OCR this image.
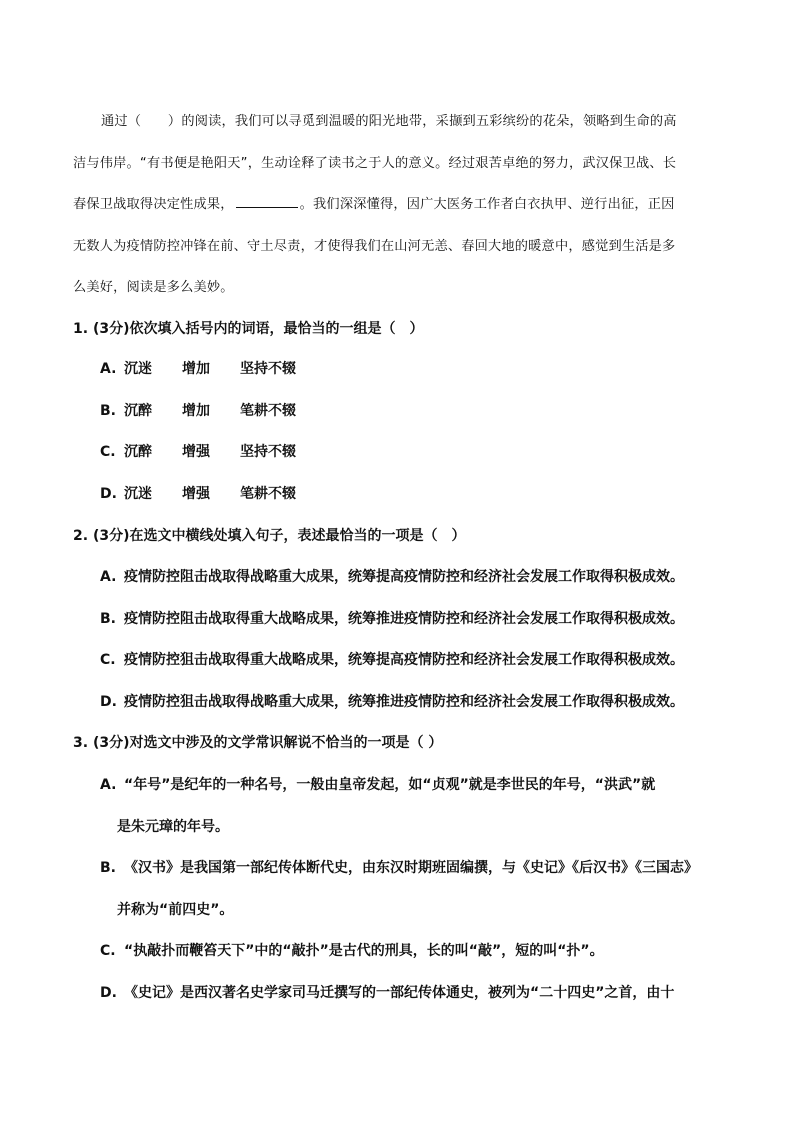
通过（　　）的阅读，我们可以寻觅到温暖的阳光地带，采撷到五彩缤纷的花朵，领略到生命的高洁与伟岸。“有书便是艳阳天”，生动诠释了读书之于人的意义。经过艰苦卓绝的努力，武汉保卫战、长春保卫战取得决定性成果，	。我们深深懂得，因广大医务工作者白衣执甲、逆行出征，正因无数人为疫情防控冲锋在前、守土尽责，才使得我们在山河无恙、春回大地的暖意中，感觉到生活是多么美好，阅读是多么美妙。

1. (3分)依次填入括号内的词语，最恰当的一组是（　）
A. 沉迷 增加 坚持不辍
B. 沉醉 增加 笔耕不辍
C. 沉醉 增强 坚持不辍
D. 沉迷 增强 笔耕不辍
2. (3分)在选文中横线处填入句子，表述最恰当的一项是（　）
A. 疫情防控阻击战取得战略重大成果，统筹提高疫情防控和经济社会发展工作取得积极成效。
B. 疫情防控阻击战取得重大战略成果，统筹推进疫情防控和经济社会发展工作取得积极成效。
C. 疫情防控狙击战取得重大战略成果，统筹提高疫情防控和经济社会发展工作取得积极成效。
D. 疫情防控狙击战取得战略重大成果，统筹推进疫情防控和经济社会发展工作取得积极成效。
3. (3分)对选文中涉及的文学常识解说不恰当的一项是（ ）
A. “年号”是纪年的一种名号，一般由皇帝发起，如“贞观”就是李世民的年号，“洪武”就
是朱元璋的年号。
B. 《汉书》是我国第一部纪传体断代史，由东汉时期班固编撰，与《史记》《后汉书》《三国志》
并称为“前四史”。
C. “执敲扑而鞭笞天下”中的“敲扑”是古代的刑具，长的叫“敲”，短的叫“扑”。
D. 《史记》是西汉著名史学家司马迁撰写的一部纪传体通史，被列为“二十四史”之首，由十
